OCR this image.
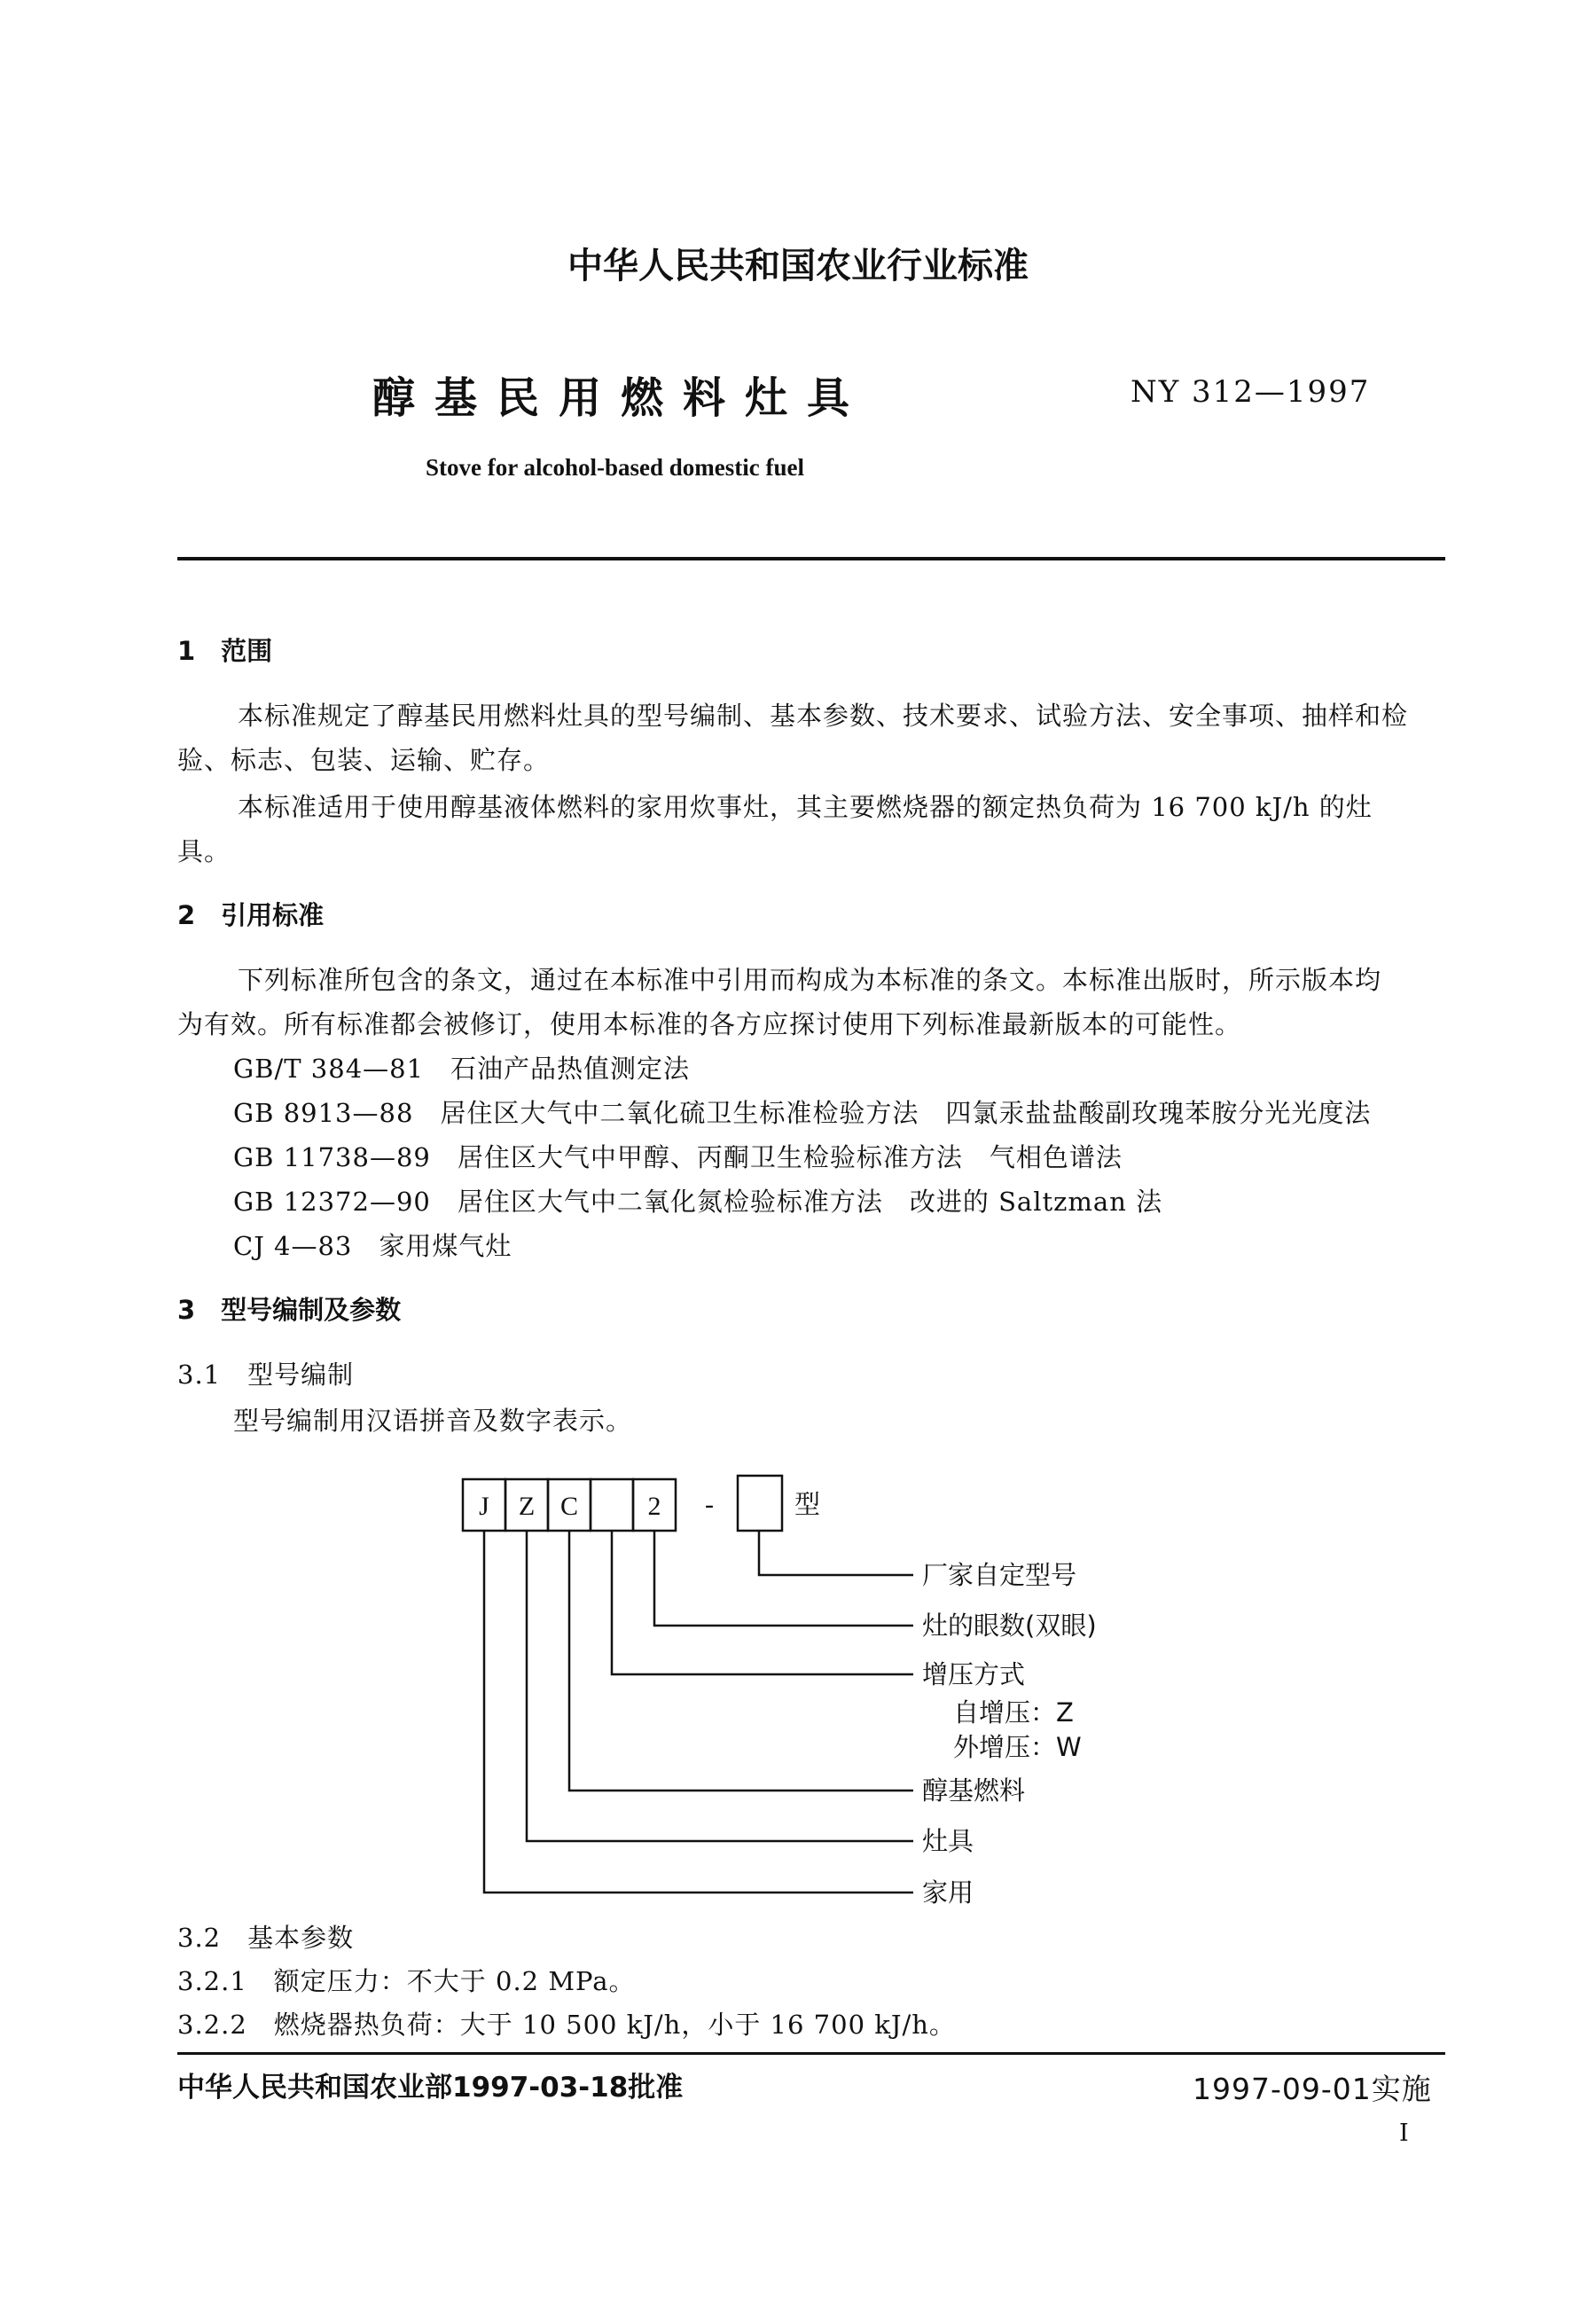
中华人民共和国农业行业标准
醇基民用燃料灶具	NY 312—1997
Stove for alcohol-based domestic fuel
1　范围
本标准规定了醇基民用燃料灶具的型号编制、基本参数、技术要求、试验方法、安全事项、抽样和检
验、标志、包装、运输、贮存。
本标准适用于使用醇基液体燃料的家用炊事灶，其主要燃烧器的额定热负荷为 16 700 kJ/h 的灶
具。
2　引用标准
下列标准所包含的条文，通过在本标准中引用而构成为本标准的条文。本标准出版时，所示版本均
为有效。所有标准都会被修订，使用本标准的各方应探讨使用下列标准最新版本的可能性。
GB/T 384—81　石油产品热值测定法
GB 8913—88　居住区大气中二氧化硫卫生标准检验方法　四氯汞盐盐酸副玫瑰苯胺分光光度法
GB 11738—89　居住区大气中甲醇、丙酮卫生检验标准方法　气相色谱法
GB 12372—90　居住区大气中二氧化氮检验标准方法　改进的 Saltzman 法
CJ 4—83　家用煤气灶
3　型号编制及参数
3.1　型号编制
型号编制用汉语拼音及数字表示。
J Z C	2 -	型
厂家自定型号
灶的眼数(双眼)
增压方式
自增压：Z
外增压：W
醇基燃料
灶具
家用
3.2　基本参数
3.2.1　额定压力：不大于 0.2 MPa。
3.2.2　燃烧器热负荷：大于 10 500 kJ/h，小于 16 700 kJ/h。
中华人民共和国农业部1997-03-18批准	1997-09-01实施
I
